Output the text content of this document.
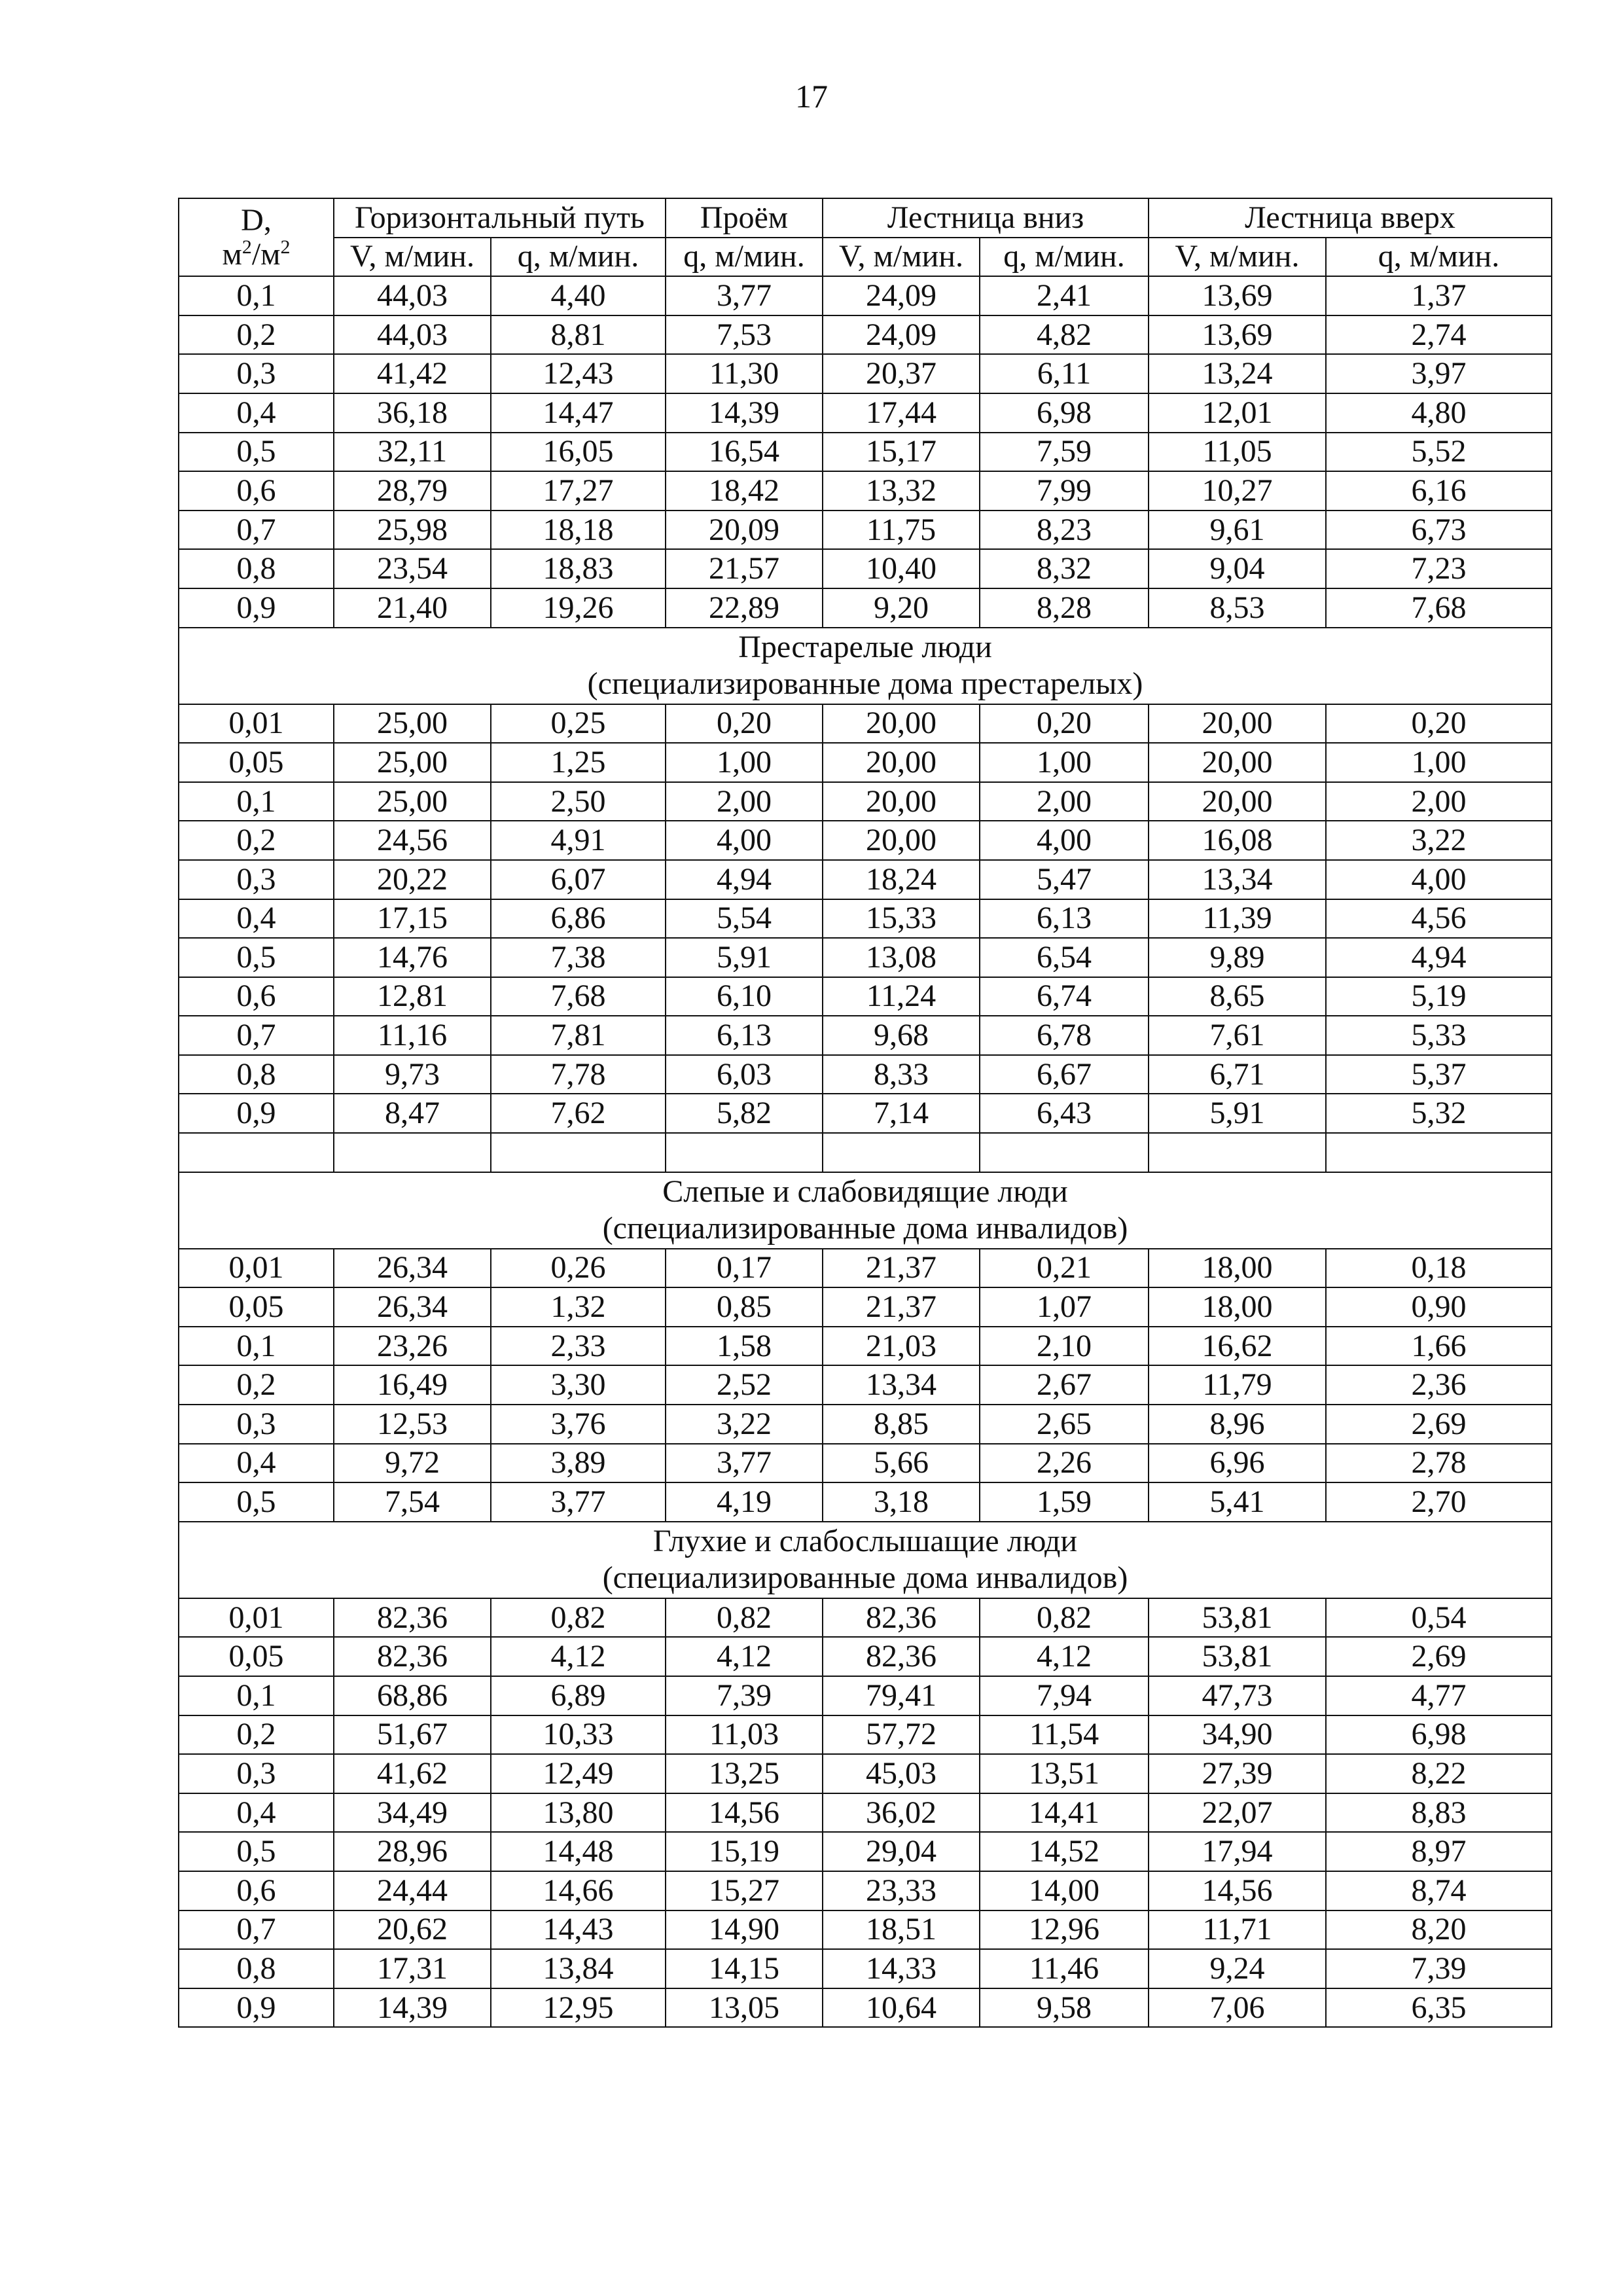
17
D,
$м^2/м^2$	Горизонтальный путь		Проём	Лестница вниз		Лестница вверх	
	V, м/мин.	q, м/мин.	q, м/мин.	V, м/мин.	q, м/мин.	V, м/мин.	q, м/мин.
0,1	44,03	4,40	3,77	24,09	2,41	13,69	1,37
0,2	44,03	8,81	7,53	24,09	4,82	13,69	2,74
0,3	41,42	12,43	11,30	20,37	6,11	13,24	3,97
0,4	36,18	14,47	14,39	17,44	6,98	12,01	4,80
0,5	32,11	16,05	16,54	15,17	7,59	11,05	5,52
0,6	28,79	17,27	18,42	13,32	7,99	10,27	6,16
0,7	25,98	18,18	20,09	11,75	8,23	9,61	6,73
0,8	23,54	18,83	21,57	10,40	8,32	9,04	7,23
0,9	21,40	19,26	22,89	9,20	8,28	8,53	7,68

Престарелые люди
(специализированные дома престарелых)							

0,01	25,00	0,25	0,20	20,00	0,20	20,00	0,20
0,05	25,00	1,25	1,00	20,00	1,00	20,00	1,00
0,1	25,00	2,50	2,00	20,00	2,00	20,00	2,00
0,2	24,56	4,91	4,00	20,00	4,00	16,08	3,22
0,3	20,22	6,07	4,94	18,24	5,47	13,34	4,00
0,4	17,15	6,86	5,54	15,33	6,13	11,39	4,56
0,5	14,76	7,38	5,91	13,08	6,54	9,89	4,94
0,6	12,81	7,68	6,10	11,24	6,74	8,65	5,19
0,7	11,16	7,81	6,13	9,68	6,78	7,61	5,33
0,8	9,73	7,78	6,03	8,33	6,67	6,71	5,37
0,9	8,47	7,62	5,82	7,14	6,43	5,91	5,32

Слепые и слабовидящие люди
(специализированные дома инвалидов)							

0,01	26,34	0,26	0,17	21,37	0,21	18,00	0,18
0,05	26,34	1,32	0,85	21,37	1,07	18,00	0,90
0,1	23,26	2,33	1,58	21,03	2,10	16,62	1,66
0,2	16,49	3,30	2,52	13,34	2,67	11,79	2,36
0,3	12,53	3,76	3,22	8,85	2,65	8,96	2,69
0,4	9,72	3,89	3,77	5,66	2,26	6,96	2,78
0,5	7,54	3,77	4,19	3,18	1,59	5,41	2,70

Глухие и слабослышащие люди
(специализированные дома инвалидов)							

0,01	82,36	0,82	0,82	82,36	0,82	53,81	0,54
0,05	82,36	4,12	4,12	82,36	4,12	53,81	2,69
0,1	68,86	6,89	7,39	79,41	7,94	47,73	4,77
0,2	51,67	10,33	11,03	57,72	11,54	34,90	6,98
0,3	41,62	12,49	13,25	45,03	13,51	27,39	8,22
0,4	34,49	13,80	14,56	36,02	14,41	22,07	8,83
0,5	28,96	14,48	15,19	29,04	14,52	17,94	8,97
0,6	24,44	14,66	15,27	23,33	14,00	14,56	8,74
0,7	20,62	14,43	14,90	18,51	12,96	11,71	8,20
0,8	17,31	13,84	14,15	14,33	11,46	9,24	7,39
0,9	14,39	12,95	13,05	10,64	9,58	7,06	6,35
